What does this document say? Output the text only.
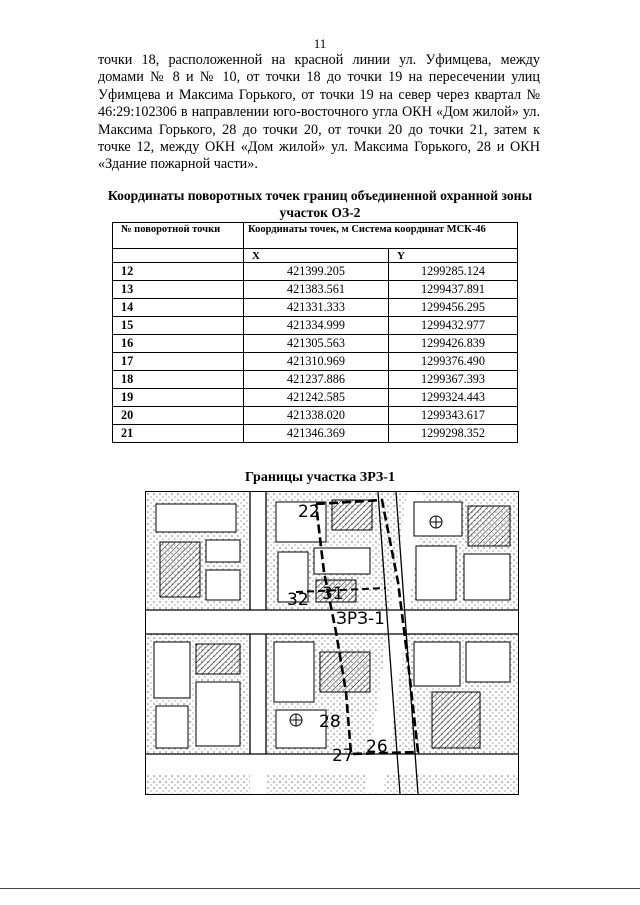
11

точки 18, расположенной на красной линии ул. Уфимцева, между домами № 8 и № 10, от точки 18 до точки 19 на пересечении улиц Уфимцева и Максима Горького, от точки 19 на север через квартал № 46:29:102306 в направлении юго-восточного угла ОКН «Дом жилой» ул. Максима Горького, 28 до точки 20, от точки 20 до точки 21, затем к точке 12, между ОКН «Дом жилой» ул. Максима Горького, 28 и ОКН «Здание пожарной части».

Координаты поворотных точек границ объединенной охранной зоны участок ОЗ-2
№ поворотной точки	Координаты точек, м Система координат МСК-46	
	X	Y
12	421399.205	1299285.124
13	421383.561	1299437.891
14	421331.333	1299456.295
15	421334.999	1299432.977
16	421305.563	1299426.839
17	421310.969	1299376.490
18	421237.886	1299367.393
19	421242.585	1299324.443
20	421338.020	1299343.617
21	421346.369	1299298.352
Границы участка ЗРЗ-1
32 31
ЗРЗ-1
28
27 26
22
